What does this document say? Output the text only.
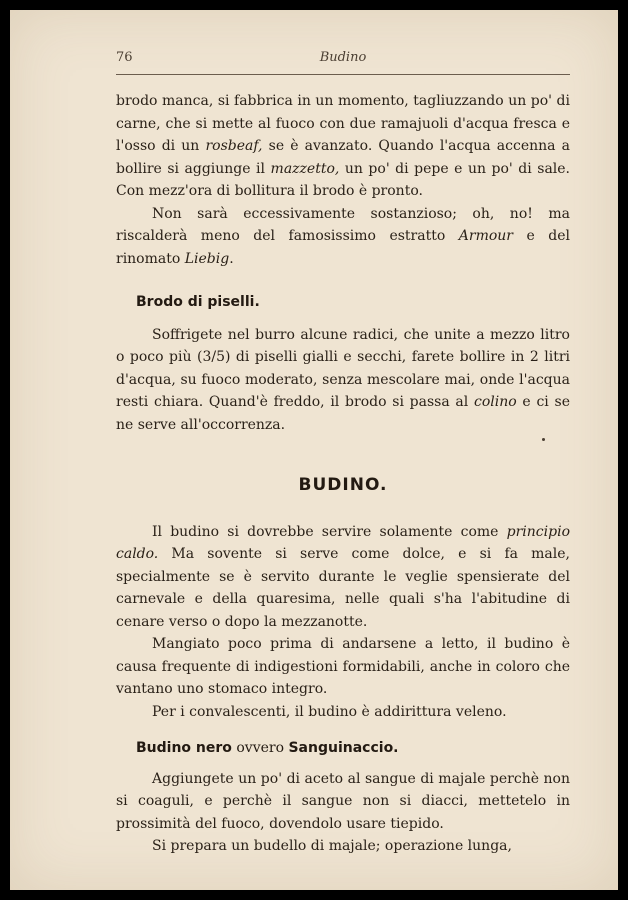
76	Budino

brodo manca, si fabbrica in un momento, tagliuzzando un po' di carne, che si mette al fuoco con due ramajuoli d'acqua fresca e l'osso di un rosbeaf, se è avanzato. Quando l'acqua accenna a bollire si aggiunge il mazzetto, un po' di pepe e un po' di sale. Con mezz'ora di bollitura il brodo è pronto.

Non sarà eccessivamente sostanzioso; oh, no! ma riscalderà meno del famosissimo estratto Armour e del rinomato Liebig.

Brodo di piselli.

Soffrigete nel burro alcune radici, che unite a mezzo litro o poco più (3/5) di piselli gialli e secchi, farete bollire in 2 litri d'acqua, su fuoco moderato, senza mescolare mai, onde l'acqua resti chiara. Quand'è freddo, il brodo si passa al colino e ci se ne serve all'occorrenza.

BUDINO.

Il budino si dovrebbe servire solamente come principio caldo. Ma sovente si serve come dolce, e si fa male, specialmente se è servito durante le veglie spensierate del carnevale e della quaresima, nelle quali s'ha l'abitudine di cenare verso o dopo la mezzanotte.

Mangiato poco prima di andarsene a letto, il budino è causa frequente di indigestioni formidabili, anche in coloro che vantano uno stomaco integro.

Per i convalescenti, il budino è addirittura veleno.

Budino nero ovvero Sanguinaccio.

Aggiungete un po' di aceto al sangue di majale perchè non si coaguli, e perchè il sangue non si diacci, mettetelo in prossimità del fuoco, dovendolo usare tiepido.

Si prepara un budello di majale; operazione lunga,
